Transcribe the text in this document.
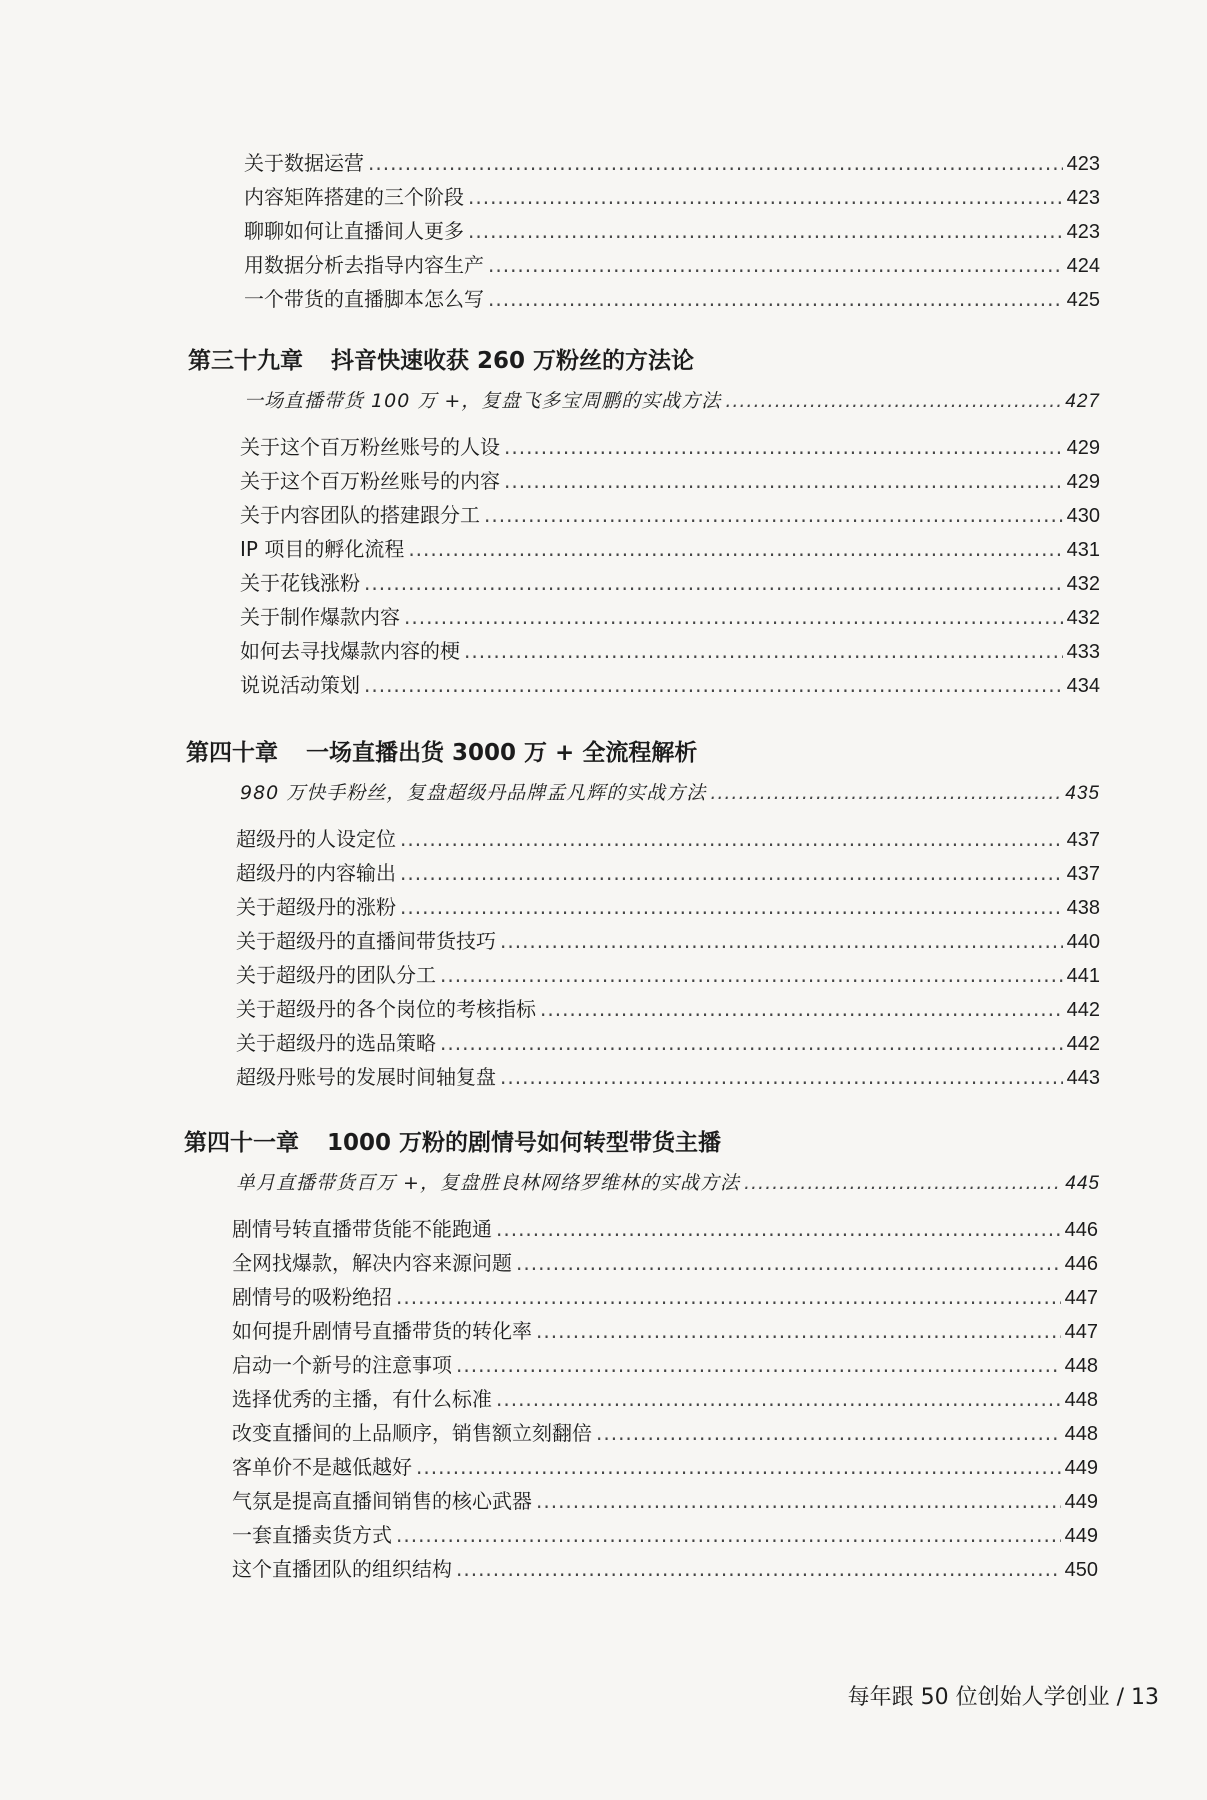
关于数据运营 .....	423
内容矩阵搭建的三个阶段 .....	423
聊聊如何让直播间人更多 .....	423
用数据分析去指导内容生产 .....	424
一个带货的直播脚本怎么写 .....	425
第三十九章 抖音快速收获 260 万粉丝的方法论
一场直播带货 100 万 +，复盘飞多宝周鹏的实战方法 .....	427
关于这个百万粉丝账号的人设 .....	429
关于这个百万粉丝账号的内容 .....	429
关于内容团队的搭建跟分工 .....	430
IP 项目的孵化流程 .....	431
关于花钱涨粉 .....	432
关于制作爆款内容 .....	432
如何去寻找爆款内容的梗 .....	433
说说活动策划 .....	434
第四十章 一场直播出货 3000 万 + 全流程解析
980 万快手粉丝，复盘超级丹品牌孟凡辉的实战方法 .....	435
超级丹的人设定位 .....	437
超级丹的内容输出 .....	437
关于超级丹的涨粉 .....	438
关于超级丹的直播间带货技巧 .....	440
关于超级丹的团队分工 .....	441
关于超级丹的各个岗位的考核指标 .....	442
关于超级丹的选品策略 .....	442
超级丹账号的发展时间轴复盘 .....	443
第四十一章 1000 万粉的剧情号如何转型带货主播
单月直播带货百万 +，复盘胜良林网络罗维林的实战方法 .....	445
剧情号转直播带货能不能跑通 .....	446
全网找爆款，解决内容来源问题 .....	446
剧情号的吸粉绝招 .....	447
如何提升剧情号直播带货的转化率 .....	447
启动一个新号的注意事项 .....	448
选择优秀的主播，有什么标准 .....	448
改变直播间的上品顺序，销售额立刻翻倍 .....	448
客单价不是越低越好 .....	449
气氛是提高直播间销售的核心武器 .....	449
一套直播卖货方式 .....	449
这个直播团队的组织结构 .....	450
每年跟 50 位创始人学创业 / 13
